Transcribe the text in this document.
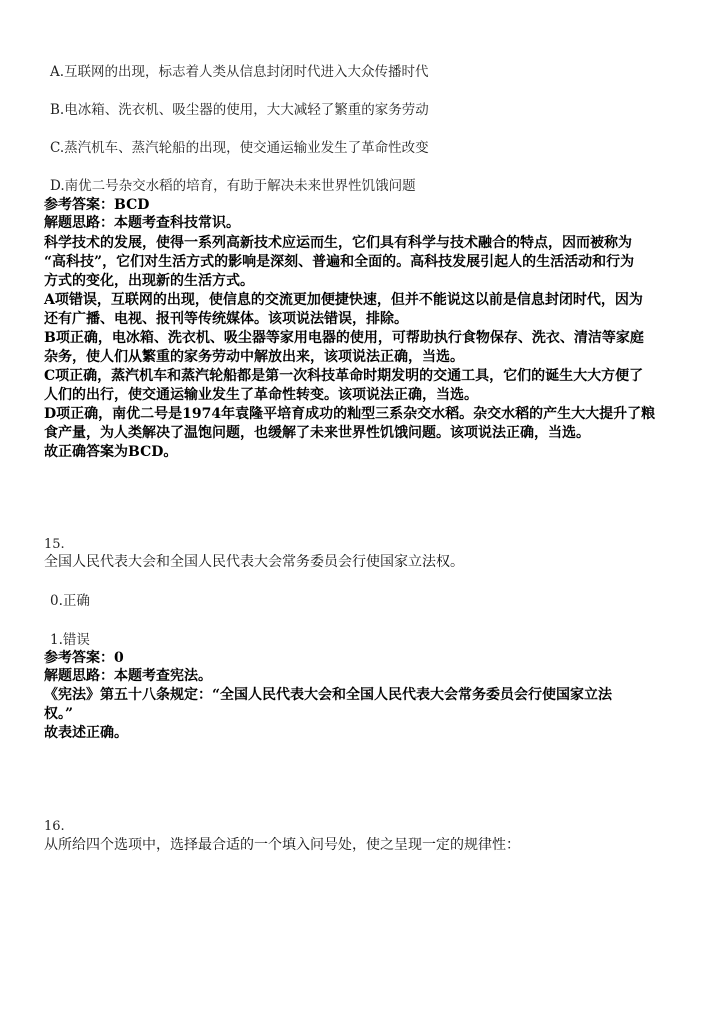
A.互联网的出现，标志着人类从信息封闭时代进入大众传播时代
B.电冰箱、洗衣机、吸尘器的使用，大大减轻了繁重的家务劳动
C.蒸汽机车、蒸汽轮船的出现，使交通运输业发生了革命性改变
D.南优二号杂交水稻的培育，有助于解决未来世界性饥饿问题
参考答案：BCD
解题思路：本题考查科技常识。
科学技术的发展，使得一系列高新技术应运而生，它们具有科学与技术融合的特点，因而被称为
“高科技”，它们对生活方式的影响是深刻、普遍和全面的。高科技发展引起人的生活活动和行为
方式的变化，出现新的生活方式。
A项错误，互联网的出现，使信息的交流更加便捷快速，但并不能说这以前是信息封闭时代，因为
还有广播、电视、报刊等传统媒体。该项说法错误，排除。
B项正确，电冰箱、洗衣机、吸尘器等家用电器的使用，可帮助执行食物保存、洗衣、清洁等家庭
杂务，使人们从繁重的家务劳动中解放出来，该项说法正确，当选。
C项正确，蒸汽机车和蒸汽轮船都是第一次科技革命时期发明的交通工具，它们的诞生大大方便了
人们的出行，使交通运输业发生了革命性转变。该项说法正确，当选。
D项正确，南优二号是1974年袁隆平培育成功的籼型三系杂交水稻。杂交水稻的产生大大提升了粮
食产量，为人类解决了温饱问题，也缓解了未来世界性饥饿问题。该项说法正确，当选。
故正确答案为BCD。
15.
全国人民代表大会和全国人民代表大会常务委员会行使国家立法权。
0.正确
1.错误
参考答案：0
解题思路：本题考查宪法。
《宪法》第五十八条规定：“全国人民代表大会和全国人民代表大会常务委员会行使国家立法
权。”
故表述正确。
16.
从所给四个选项中，选择最合适的一个填入问号处，使之呈现一定的规律性：
